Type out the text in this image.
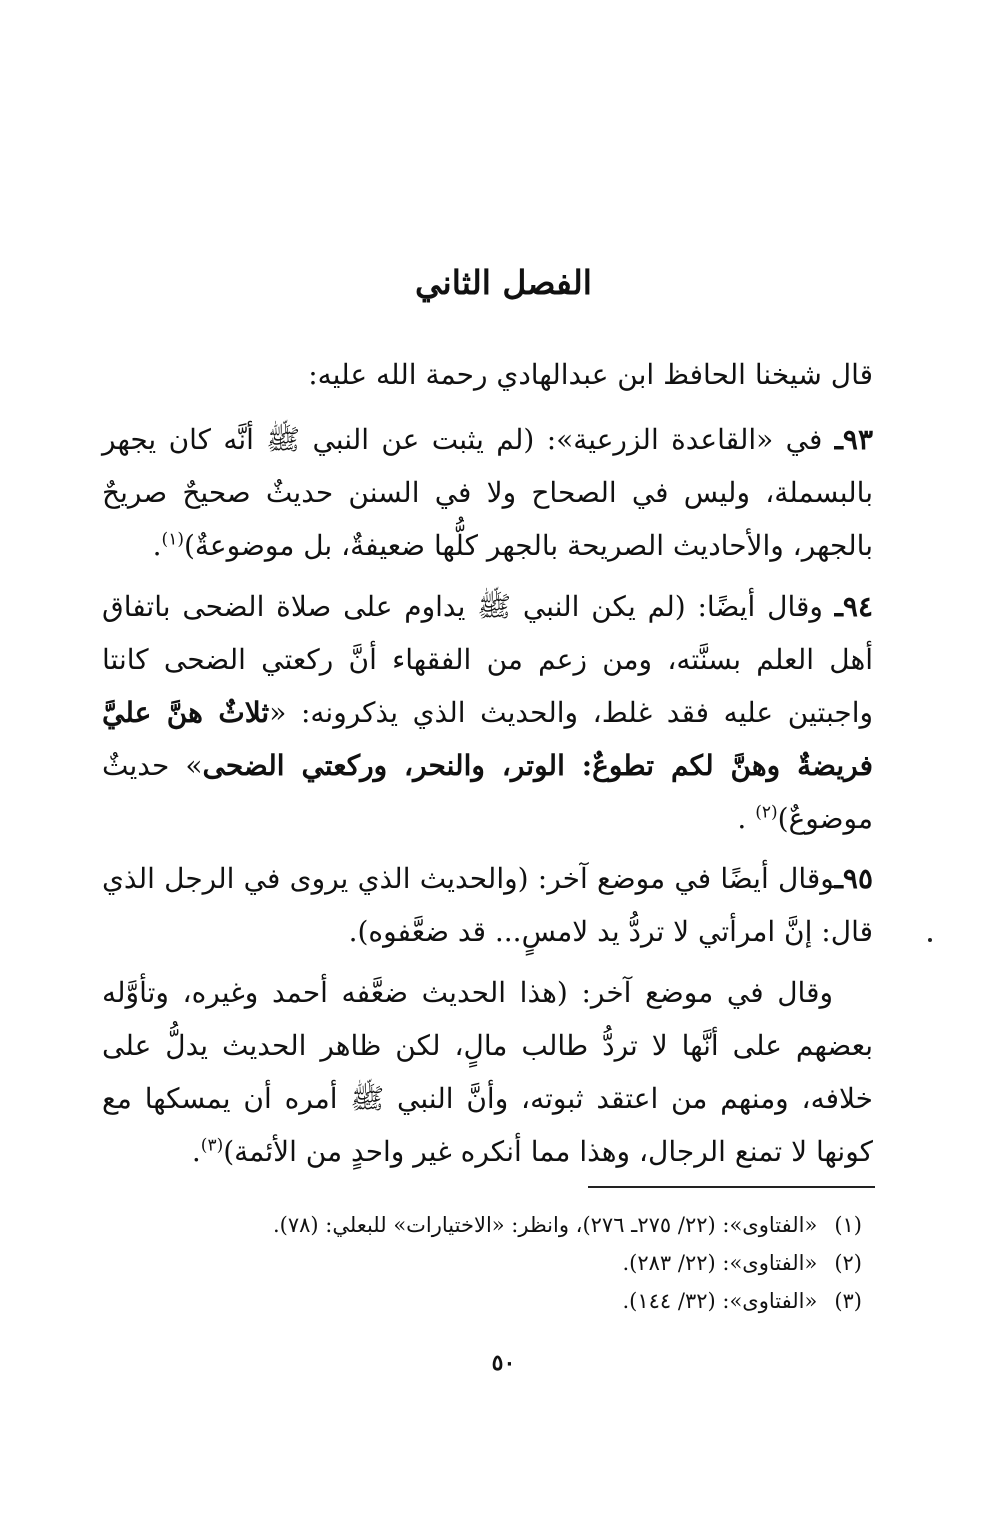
الفصل الثاني

قال شيخنا الحافظ ابن عبدالهادي رحمة الله عليه:

٩٣ـ في «القاعدة الزرعية»: (لم يثبت عن النبي ﷺ أنَّه كان يجهر بالبسملة، وليس في الصحاح ولا في السنن حديثٌ صحيحٌ صريحٌ بالجهر، والأحاديث الصريحة بالجهر كلُّها ضعيفةٌ، بل موضوعةٌ)$^{(١)}$.

٩٤ـ وقال أيضًا: (لم يكن النبي ﷺ يداوم على صلاة الضحى باتفاق أهل العلم بسنَّته، ومن زعم من الفقهاء أنَّ ركعتي الضحى كانتا واجبتين عليه فقد غلط، والحديث الذي يذكرونه: «ثلاثٌ هنَّ عليَّ فريضةٌ وهنَّ لكم تطوعٌ: الوتر، والنحر، وركعتي الضحى» حديثٌ موضوعٌ)$^{(٢)}$ .

٩٥ـوقال أيضًا في موضع آخر: (والحديث الذي يروى في الرجل الذي قال: إنَّ امرأتي لا تردُّ يد لامسٍ... قد ضعَّفوه).

وقال في موضع آخر: (هذا الحديث ضعَّفه أحمد وغيره، وتأوَّله بعضهم على أنَّها لا تردُّ طالب مالٍ، لكن ظاهر الحديث يدلُّ على خلافه، ومنهم من اعتقد ثبوته، وأنَّ النبي ﷺ أمره أن يمسكها مع كونها لا تمنع الرجال، وهذا مما أنكره غير واحدٍ من الأئمة)$^{(٣)}$.

(١) «الفتاوى»: (٢٢/ ٢٧٥ـ ٢٧٦)، وانظر: «الاختيارات» للبعلي: (٧٨).
(٢) «الفتاوى»: (٢٢/ ٢٨٣).
(٣) «الفتاوى»: (٣٢/ ١٤٤).
٥٠
